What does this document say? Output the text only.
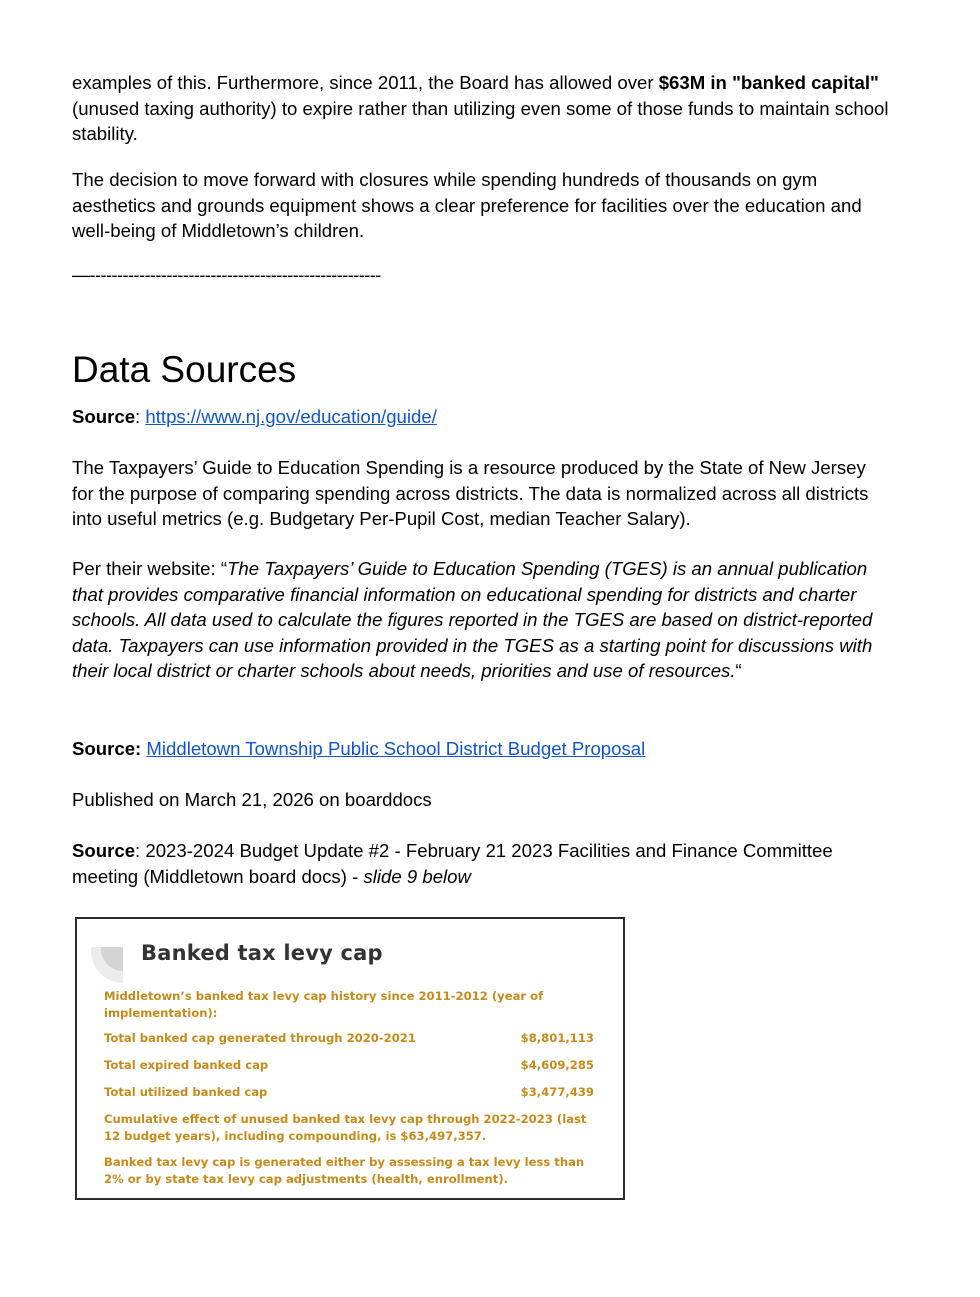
examples of this. Furthermore, since 2011, the Board has allowed over $63M in "banked capital" (unused taxing authority) to expire rather than utilizing even some of those funds to maintain school stability.

The decision to move forward with closures while spending hundreds of thousands on gym aesthetics and grounds equipment shows a clear preference for facilities over the education and well-being of Middletown’s children.

—-----------------------------------------------------
Data Sources

Source: https://www.nj.gov/education/guide/

The Taxpayers’ Guide to Education Spending is a resource produced by the State of New Jersey for the purpose of comparing spending across districts. The data is normalized across all districts into useful metrics (e.g. Budgetary Per-Pupil Cost, median Teacher Salary).

Per their website: “The Taxpayers’ Guide to Education Spending (TGES) is an annual publication that provides comparative financial information on educational spending for districts and charter schools. All data used to calculate the figures reported in the TGES are based on district-reported data. Taxpayers can use information provided in the TGES as a starting point for discussions with their local district or charter schools about needs, priorities and use of resources.“

Source: Middletown Township Public School District Budget Proposal

Published on March 21, 2026 on boarddocs

Source: 2023-2024 Budget Update #2 - February 21 2023 Facilities and Finance Committee meeting (Middletown board docs) - slide 9 below

Banked tax levy cap
Middletown’s banked tax levy cap history since 2011-2012 (year of implementation):
Total banked cap generated through 2020-2021	$8,801,113
Total expired banked cap	$4,609,285
Total utilized banked cap	$3,477,439
Cumulative effect of unused banked tax levy cap through 2022-2023 (last 12 budget years), including compounding, is $63,497,357.
Banked tax levy cap is generated either by assessing a tax levy less than 2% or by state tax levy cap adjustments (health, enrollment).
